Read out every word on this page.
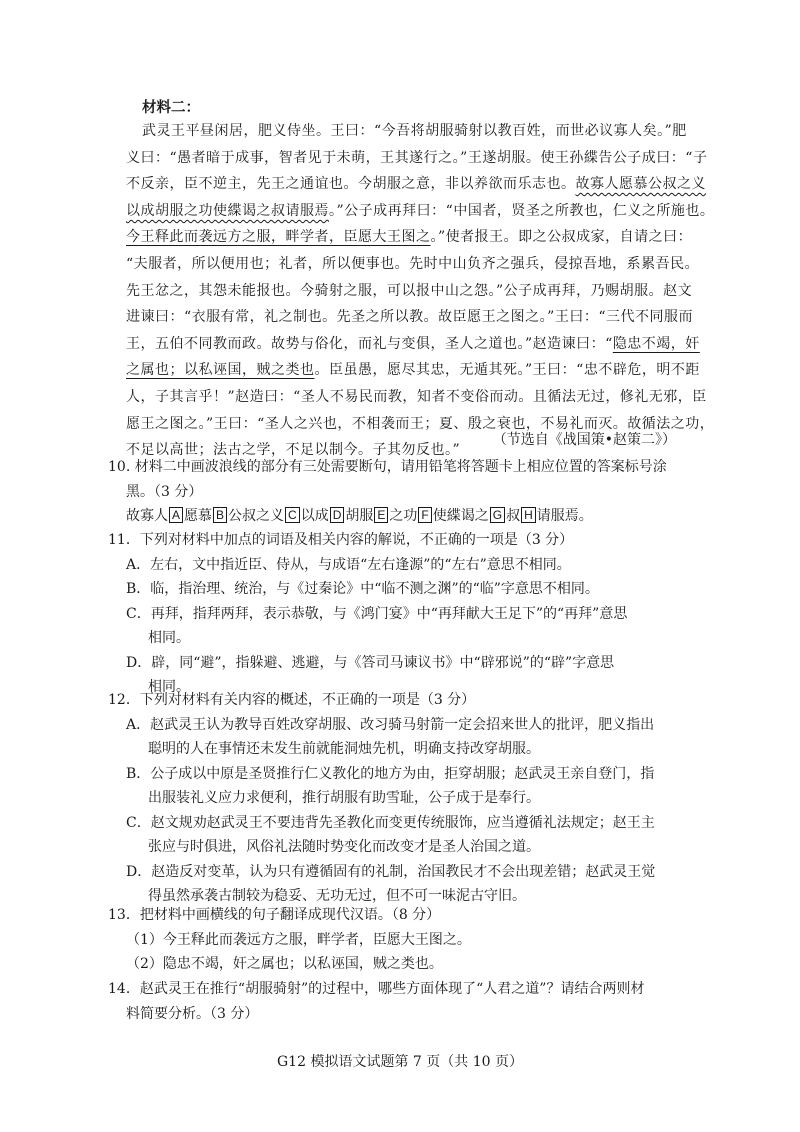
材料二：
武灵王平昼闲居，肥义侍坐。王曰：“今吾将胡服骑射以教百姓，而世必议寡人矣。”肥
义曰：“愚者暗于成事，智者见于未萌，王其遂行之。”王遂胡服。使王孙緤告公子成曰：“子
不反亲，臣不逆主，先王之通谊也。今胡服之意，非以养欲而乐志也。故寡人愿慕公叔之义
以成胡服之功使緤谒之叔请服焉。”公子成再拜曰：“中国者，贤圣之所教也，仁义之所施也。
今王释此而袭远方之服，畔学者，臣愿大王图之。”使者报王。即之公叔成家，自请之曰：
“夫服者，所以便用也；礼者，所以便事也。先时中山负齐之强兵，侵掠吾地，系累吾民。
先王忿之，其怨未能报也。今骑射之服，可以报中山之怨。”公子成再拜，乃赐胡服。赵文
进谏曰：“衣服有常，礼之制也。先圣之所以教。故臣愿王之图之。”王曰：“三代不同服而
王，五伯不同教而政。故势与俗化，而礼与变俱，圣人之道也。”赵造谏曰：“隐忠不竭，奸
之属也；以私诬国，贼之类也。臣虽愚，愿尽其忠，无遁其死。”王曰：“忠不辟危，明不距
人，子其言乎！”赵造曰：“圣人不易民而教，知者不变俗而动。且循法无过，修礼无邪，臣
愿王之图之。”王曰：“圣人之兴也，不相袭而王；夏、殷之衰也，不易礼而灭。故循法之功，
不足以高世；法古之学，不足以制今。子其勿反也。”
（节选自《战国策•赵策二》）
10. 材料二中画波浪线的部分有三处需要断句，请用铅笔将答题卡上相应位置的答案标号涂
黑。（3 分）
故寡人 A 愿慕 B 公叔之义 C 以成 D 胡服 E 之功 F 使緤谒之 G 叔 H 请服焉。
11．下列对材料中加点的词语及相关内容的解说，不正确的一项是（3 分）
A．左右，文中指近臣、侍从，与成语“左右逢源”的“左右”意思不相同。
B．临，指治理、统治，与《过秦论》中“临不测之渊”的“临”字意思不相同。
C．再拜，指拜两拜，表示恭敬，与《鸿门宴》中“再拜献大王足下”的“再拜”意思
相同。
D．辟，同“避”，指躲避、逃避，与《答司马谏议书》中“辟邪说”的“辟”字意思
相同。
12．下列对材料有关内容的概述，不正确的一项是（3 分）
A．赵武灵王认为教导百姓改穿胡服、改习骑马射箭一定会招来世人的批评，肥义指出
聪明的人在事情还未发生前就能洞烛先机，明确支持改穿胡服。
B．公子成以中原是圣贤推行仁义教化的地方为由，拒穿胡服；赵武灵王亲自登门，指
出服装礼义应力求便利，推行胡服有助雪耻，公子成于是奉行。
C．赵文规劝赵武灵王不要违背先圣教化而变更传统服饰，应当遵循礼法规定；赵王主
张应与时俱进，风俗礼法随时势变化而改变才是圣人治国之道。
D．赵造反对变革，认为只有遵循固有的礼制，治国教民才不会出现差错；赵武灵王觉
得虽然承袭古制较为稳妥、无功无过，但不可一味泥古守旧。
13．把材料中画横线的句子翻译成现代汉语。（8 分）
（1）今王释此而袭远方之服，畔学者，臣愿大王图之。
（2）隐忠不竭，奸之属也；以私诬国，贼之类也。
14．赵武灵王在推行“胡服骑射”的过程中，哪些方面体现了“人君之道”？请结合两则材
料简要分析。（3 分）
G12 模拟语文试题第 7 页（共 10 页）
